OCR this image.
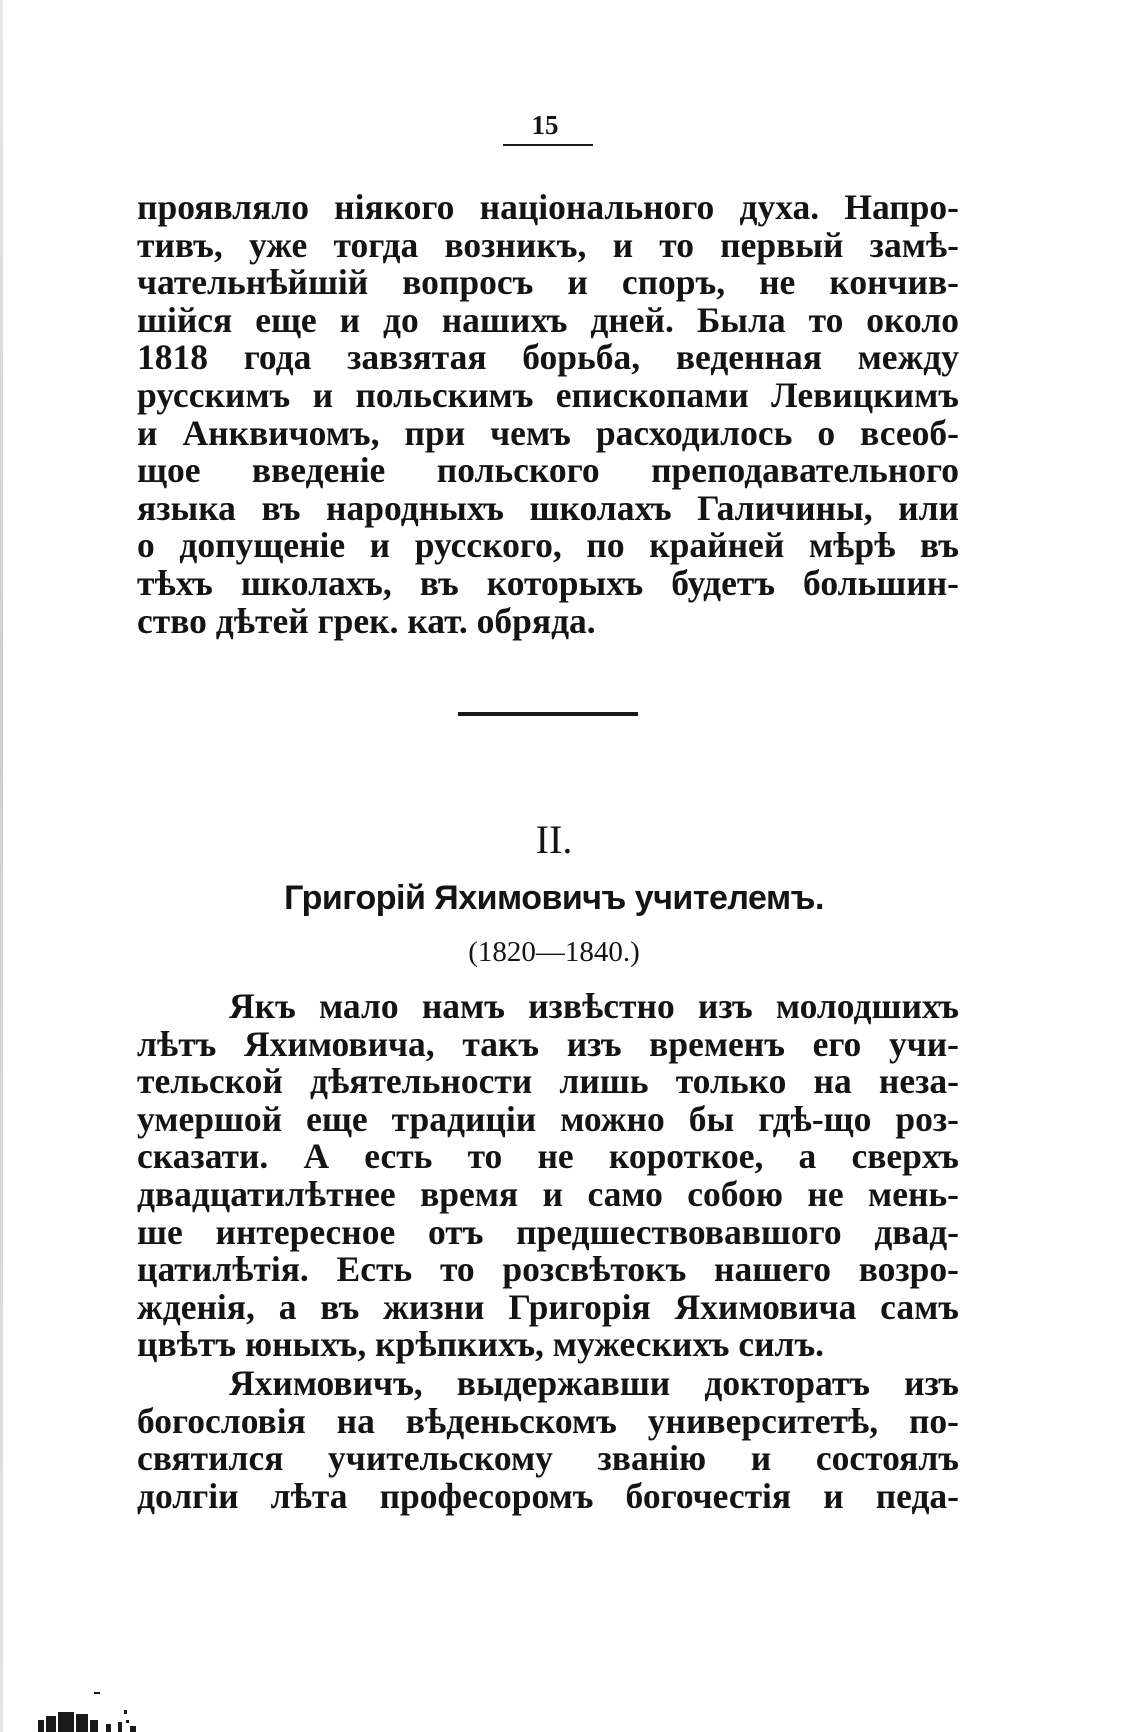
15
проявляло ніякого національного духа. Напро-
тивъ, уже тогда возникъ, и то первый замѣ-
чательнѣйшій вопросъ и споръ, не кончив-
шійся еще и до нашихъ дней. Была то около
1818 года завзятая борьба, веденная между
русскимъ и польскимъ епископами Левицкимъ
и Анквичомъ, при чемъ расходилось о всеоб-
щое введеніе польского преподавательного
языка въ народныхъ школахъ Галичины, или
о допущеніе и русского, по крайней мѣрѣ въ
тѣхъ школахъ, въ которыхъ будетъ большин-
ство дѣтей грек. кат. обряда.
II.
Григорій Яхимовичъ учителемъ.
(1820—1840.)
Якъ мало намъ извѣстно изъ молодшихъ
лѣтъ Яхимовича, такъ изъ временъ его учи-
тельской дѣятельности лишь только на неза-
умершой еще традиціи можно бы гдѣ-що роз-
сказати. А есть то не короткое, а сверхъ
двадцатилѣтнее время и само собою не мень-
ше интересное отъ предшествовавшого двад-
цатилѣтія. Есть то розсвѣтокъ нашего возро-
жденія, а въ жизни Григорія Яхимовича самъ
цвѣтъ юныхъ, крѣпкихъ, мужескихъ силъ.
Яхимовичъ, выдержавши докторатъ изъ
богословія на вѣденьскомъ университетѣ, по-
святился учительскому званію и состоялъ
долгіи лѣта професоромъ богочестія и педа-
